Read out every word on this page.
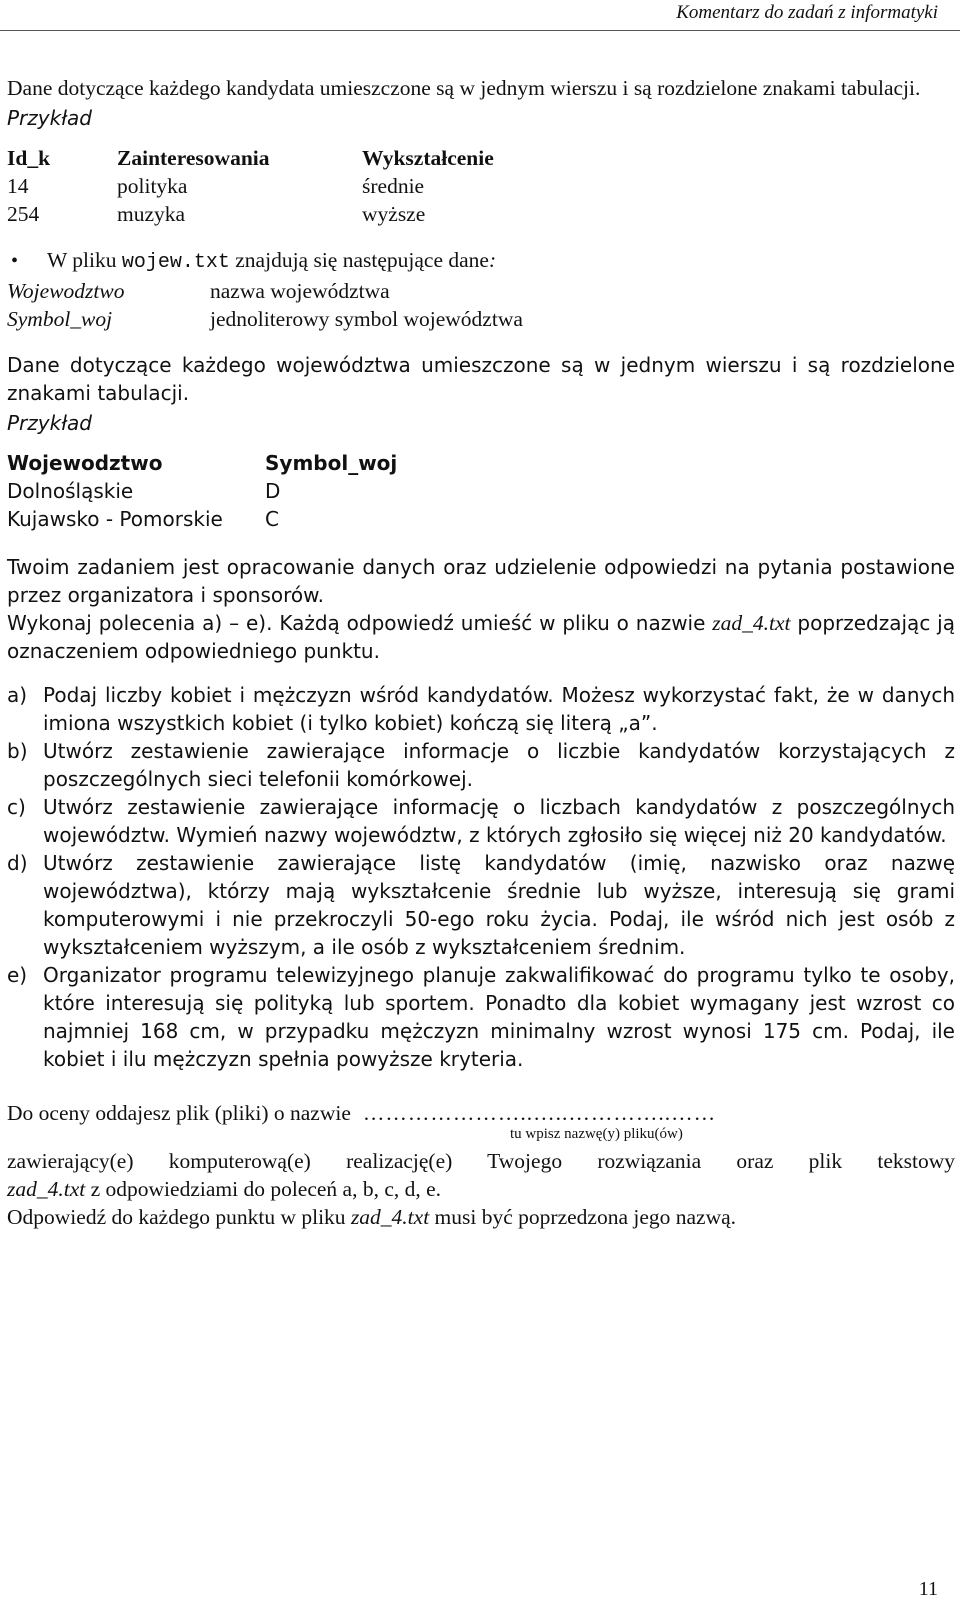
Komentarz do zadań z informatyki
Dane dotyczące każdego kandydata umieszczone są w jednym wierszu i są rozdzielone znakami tabulacji.
Przykład
Id_k	Zainteresowania	Wykształcenie
14	polityka	średnie
254	muzyka	wyższe
•	W pliku wojew.txt znajdują się następujące dane:
Wojewodztwo	nazwa województwa
Symbol_woj	jednoliterowy symbol województwa
Dane dotyczące każdego województwa umieszczone są w jednym wierszu i są rozdzielone znakami tabulacji.
Przykład
Wojewodztwo	Symbol_woj
Dolnośląskie	D
Kujawsko - Pomorskie	C
Twoim zadaniem jest opracowanie danych oraz udzielenie odpowiedzi na pytania postawione przez organizatora i sponsorów.
Wykonaj polecenia a) – e). Każdą odpowiedź umieść w pliku o nazwie zad_4.txt poprzedzając ją oznaczeniem odpowiedniego punktu.
a) Podaj liczby kobiet i mężczyzn wśród kandydatów. Możesz wykorzystać fakt, że w danych imiona wszystkich kobiet (i tylko kobiet) kończą się literą „a”.
b) Utwórz zestawienie zawierające informacje o liczbie kandydatów korzystających z poszczególnych sieci telefonii komórkowej.
c) Utwórz zestawienie zawierające informację o liczbach kandydatów z poszczególnych województw. Wymień nazwy województw, z których zgłosiło się więcej niż 20 kandydatów.
d) Utwórz zestawienie zawierające listę kandydatów (imię, nazwisko oraz nazwę województwa), którzy mają wykształcenie średnie lub wyższe, interesują się grami komputerowymi i nie przekroczyli 50-ego roku życia. Podaj, ile wśród nich jest osób z wykształceniem wyższym, a ile osób z wykształceniem średnim.
e) Organizator programu telewizyjnego planuje zakwalifikować do programu tylko te osoby, które interesują się polityką lub sportem. Ponadto dla kobiet wymagany jest wzrost co najmniej 168 cm, w przypadku mężczyzn minimalny wzrost wynosi 175 cm. Podaj, ile kobiet i ilu mężczyzn spełnia powyższe kryteria.
Do oceny oddajesz plik (pliki) o nazwie …………………..…..…………..……
tu wpisz nazwę(y) pliku(ów)
zawierający(e) komputerową(e) realizację(e) Twojego rozwiązania oraz plik tekstowy
zad_4.txt z odpowiedziami do poleceń a, b, c, d, e.
Odpowiedź do każdego punktu w pliku zad_4.txt musi być poprzedzona jego nazwą.
11
